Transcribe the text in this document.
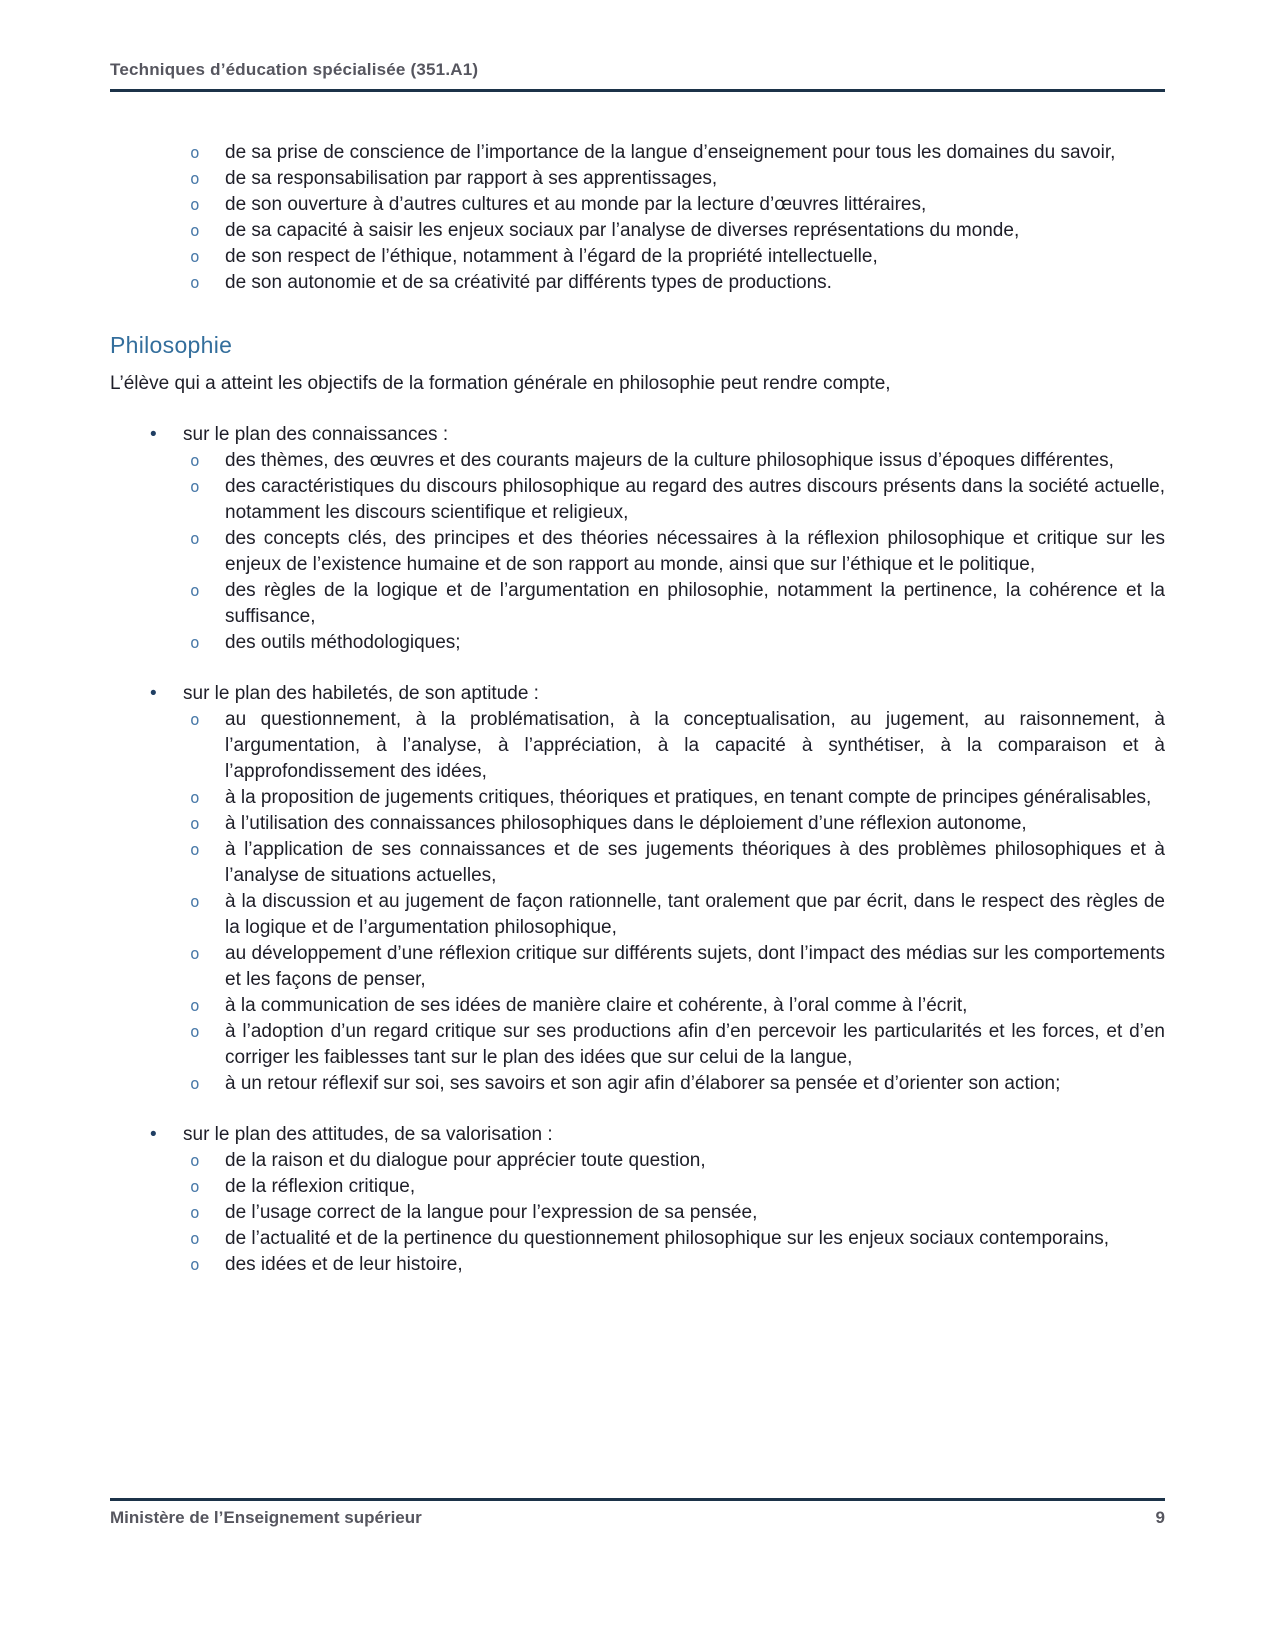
Techniques d’éducation spécialisée (351.A1)
o de sa prise de conscience de l’importance de la langue d’enseignement pour tous les domaines du savoir,
o de sa responsabilisation par rapport à ses apprentissages,
o de son ouverture à d’autres cultures et au monde par la lecture d’œuvres littéraires,
o de sa capacité à saisir les enjeux sociaux par l’analyse de diverses représentations du monde,
o de son respect de l’éthique, notamment à l’égard de la propriété intellectuelle,
o de son autonomie et de sa créativité par différents types de productions.
Philosophie

L’élève qui a atteint les objectifs de la formation générale en philosophie peut rendre compte,

• sur le plan des connaissances :
o des thèmes, des œuvres et des courants majeurs de la culture philosophique issus d’époques différentes,
o des caractéristiques du discours philosophique au regard des autres discours présents dans la société actuelle, notamment les discours scientifique et religieux,
o des concepts clés, des principes et des théories nécessaires à la réflexion philosophique et critique sur les enjeux de l’existence humaine et de son rapport au monde, ainsi que sur l’éthique et le politique,
o des règles de la logique et de l’argumentation en philosophie, notamment la pertinence, la cohérence et la suffisance,
o des outils méthodologiques;
• sur le plan des habiletés, de son aptitude :
o au questionnement, à la problématisation, à la conceptualisation, au jugement, au raisonnement, à l’argumentation, à l’analyse, à l’appréciation, à la capacité à synthétiser, à la comparaison et à l’approfondissement des idées,
o à la proposition de jugements critiques, théoriques et pratiques, en tenant compte de principes généralisables,
o à l’utilisation des connaissances philosophiques dans le déploiement d’une réflexion autonome,
o à l’application de ses connaissances et de ses jugements théoriques à des problèmes philosophiques et à l’analyse de situations actuelles,
o à la discussion et au jugement de façon rationnelle, tant oralement que par écrit, dans le respect des règles de la logique et de l’argumentation philosophique,
o au développement d’une réflexion critique sur différents sujets, dont l’impact des médias sur les comportements et les façons de penser,
o à la communication de ses idées de manière claire et cohérente, à l’oral comme à l’écrit,
o à l’adoption d’un regard critique sur ses productions afin d’en percevoir les particularités et les forces, et d’en corriger les faiblesses tant sur le plan des idées que sur celui de la langue,
o à un retour réflexif sur soi, ses savoirs et son agir afin d’élaborer sa pensée et d’orienter son action;
• sur le plan des attitudes, de sa valorisation :
o de la raison et du dialogue pour apprécier toute question,
o de la réflexion critique,
o de l’usage correct de la langue pour l’expression de sa pensée,
o de l’actualité et de la pertinence du questionnement philosophique sur les enjeux sociaux contemporains,
o des idées et de leur histoire,
Ministère de l’Enseignement supérieur	9
